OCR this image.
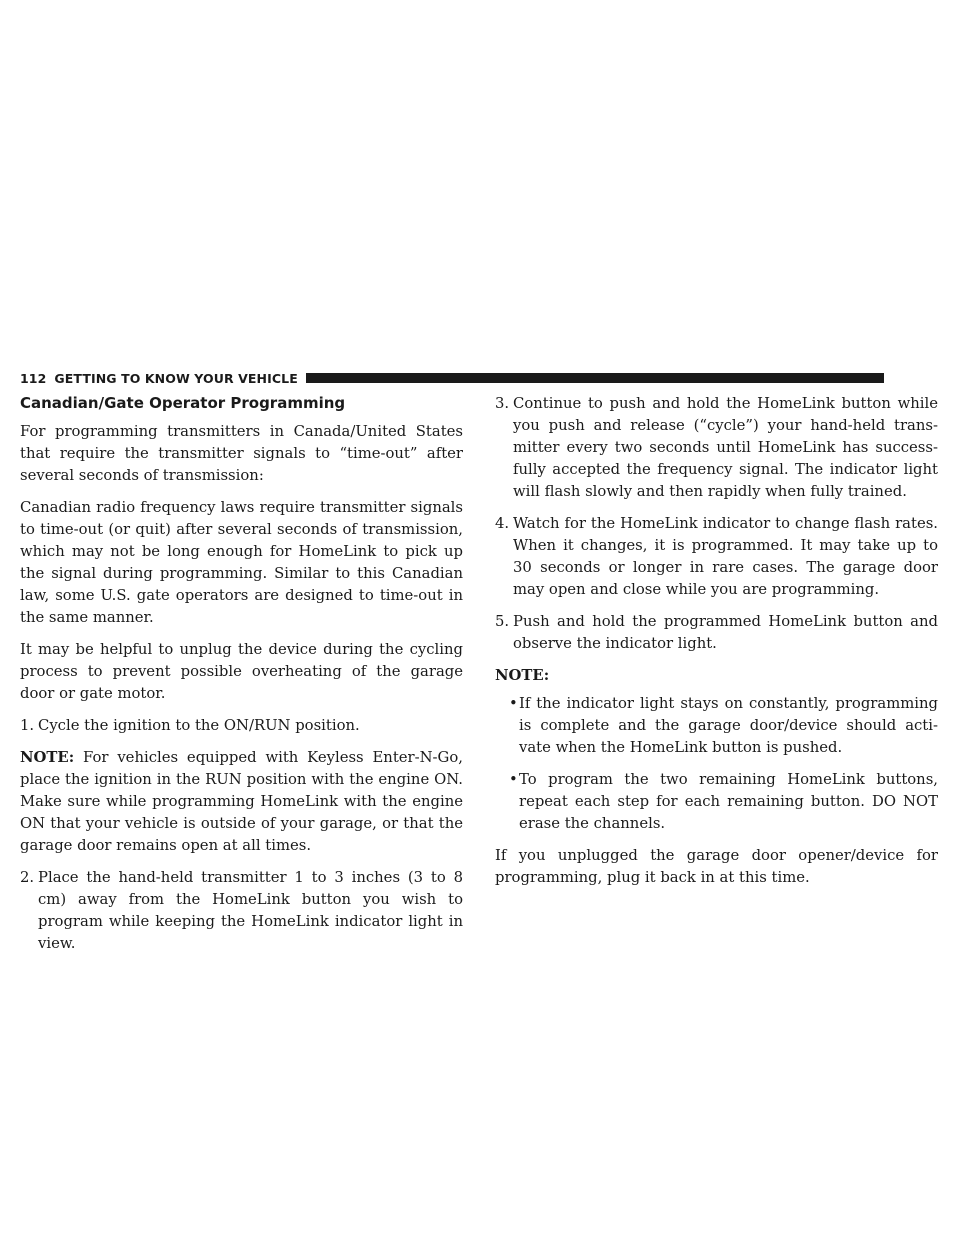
112 GETTING TO KNOW YOUR VEHICLE
Canadian/Gate Operator Programming

For programming transmitters in Canada/United States that require the transmitter signals to “time-out” after several seconds of transmission:

Canadian radio frequency laws require transmitter signals to time-out (or quit) after several seconds of transmission, which may not be long enough for HomeLink to pick up the signal during programming. Similar to this Canadian law, some U.S. gate operators are designed to time-out in the same manner.

It may be helpful to unplug the device during the cycling process to prevent possible overheating of the garage door or gate motor.

1. Cycle the ignition to the ON/RUN position.

NOTE: For vehicles equipped with Keyless Enter-N-Go, place the ignition in the RUN position with the engine ON. Make sure while programming HomeLink with the engine ON that your vehicle is outside of your garage, or that the garage door remains open at all times.

2. Place the hand-held transmitter 1 to 3 inches (3 to 8 cm) away from the HomeLink button you wish to program while keeping the HomeLink indicator light in view.
3. Continue to push and hold the HomeLink button while you push and release (“cycle”) your hand-held trans-mitter every two seconds until HomeLink has success-fully accepted the frequency signal. The indicator light will flash slowly and then rapidly when fully trained.
4. Watch for the HomeLink indicator to change flash rates. When it changes, it is programmed. It may take up to 30 seconds or longer in rare cases. The garage door may open and close while you are programming.
5. Push and hold the programmed HomeLink button and observe the indicator light.
NOTE:
• If the indicator light stays on constantly, programming is complete and the garage door/device should acti-vate when the HomeLink button is pushed.
• To program the two remaining HomeLink buttons, repeat each step for each remaining button. DO NOT erase the channels.

If you unplugged the garage door opener/device for programming, plug it back in at this time.
